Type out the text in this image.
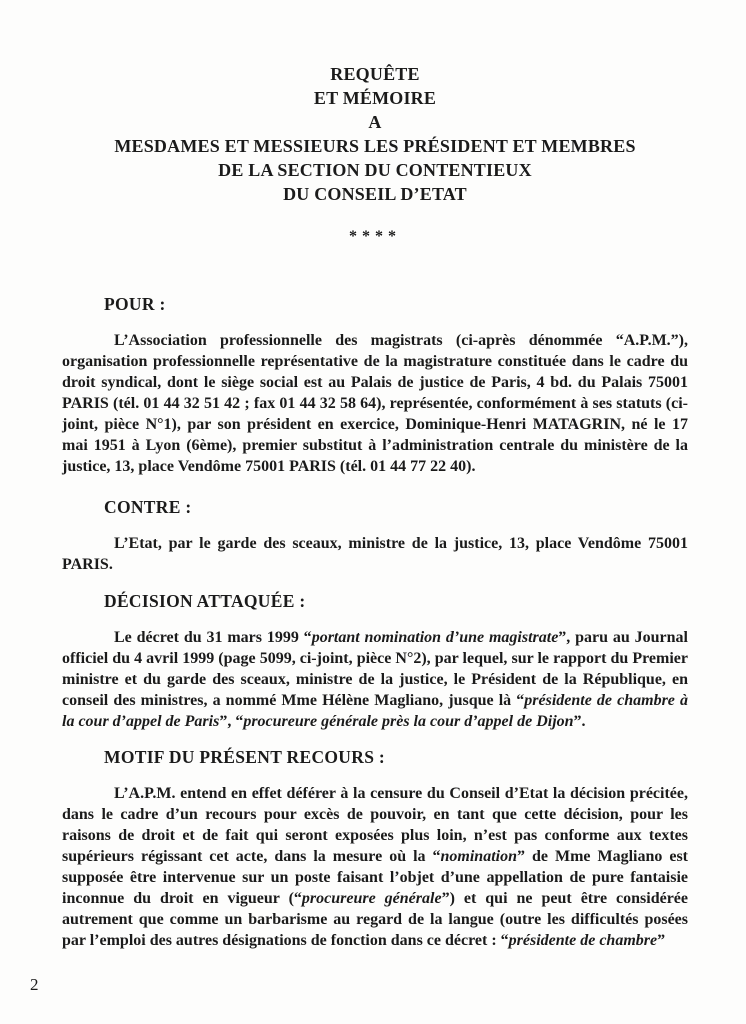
REQUÊTE
ET MÉMOIRE
A
MESDAMES ET MESSIEURS LES PRÉSIDENT ET MEMBRES
DE LA SECTION DU CONTENTIEUX
DU CONSEIL D’ETAT
****
POUR :

L’Association professionnelle des magistrats (ci-après dénommée “A.P.M.”), organisation professionnelle représentative de la magistrature constituée dans le cadre du droit syndical, dont le siège social est au Palais de justice de Paris, 4 bd. du Palais 75001 PARIS (tél. 01 44 32 51 42 ; fax 01 44 32 58 64), représentée, conformément à ses statuts (ci-joint, pièce N°1), par son président en exercice, Dominique-Henri MATAGRIN, né le 17 mai 1951 à Lyon (6ème), premier substitut à l’administration centrale du ministère de la justice, 13, place Vendôme 75001 PARIS (tél. 01 44 77 22 40).

CONTRE :

L’Etat, par le garde des sceaux, ministre de la justice, 13, place Vendôme 75001 PARIS.

DÉCISION ATTAQUÉE :

Le décret du 31 mars 1999 “portant nomination d’une magistrate”, paru au Journal officiel du 4 avril 1999 (page 5099, ci-joint, pièce N°2), par lequel, sur le rapport du Premier ministre et du garde des sceaux, ministre de la justice, le Président de la République, en conseil des ministres, a nommé Mme Hélène Magliano, jusque là “présidente de chambre à la cour d’appel de Paris”, “procureure générale près la cour d’appel de Dijon”.

MOTIF DU PRÉSENT RECOURS :

L’A.P.M. entend en effet déférer à la censure du Conseil d’Etat la décision précitée, dans le cadre d’un recours pour excès de pouvoir, en tant que cette décision, pour les raisons de droit et de fait qui seront exposées plus loin, n’est pas conforme aux textes supérieurs régissant cet acte, dans la mesure où la “nomination” de Mme Magliano est supposée être intervenue sur un poste faisant l’objet d’une appellation de pure fantaisie inconnue du droit en vigueur (“procureure générale”) et qui ne peut être considérée autrement que comme un barbarisme au regard de la langue (outre les difficultés posées par l’emploi des autres désignations de fonction dans ce décret : “présidente de chambre”

2
